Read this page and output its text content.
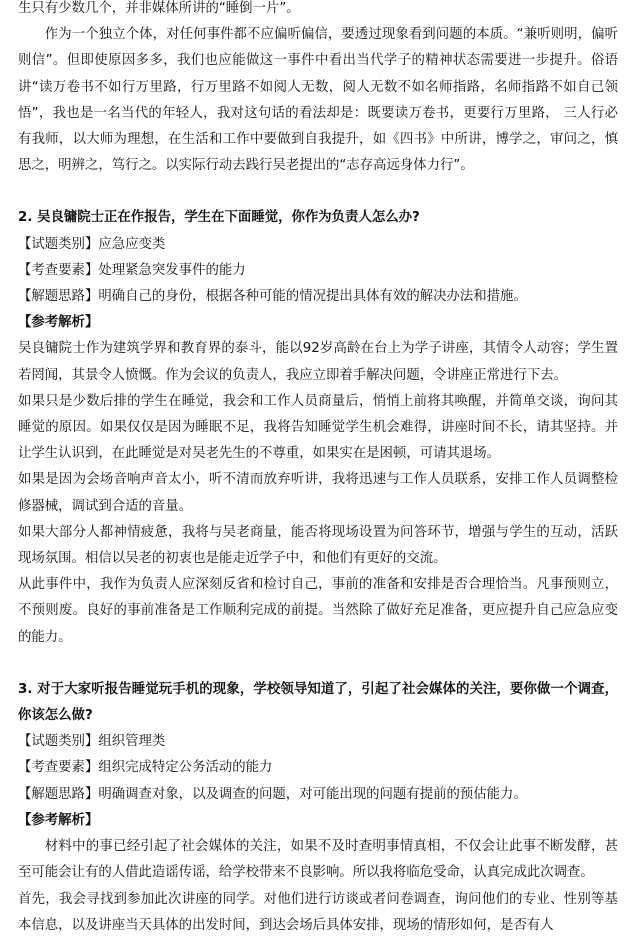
生只有少数几个，并非媒体所讲的“睡倒一片”。

作为一个独立个体，对任何事件都不应偏听偏信，要透过现象看到问题的本质。“兼听则明，偏听则信”。但即使原因多多，我们也应能做这一事件中看出当代学子的精神状态需要进一步提升。俗语讲“读万卷书不如行万里路，行万里路不如阅人无数，阅人无数不如名师指路，名师指路不如自己领悟”，我也是一名当代的年轻人，我对这句话的看法却是：既要读万卷书，更要行万里路， 三人行必有我师，以大师为理想，在生活和工作中要做到自我提升，如《四书》中所讲，博学之，审问之，慎思之，明辨之，笃行之。以实际行动去践行吴老提出的“志存高远身体力行”。

2. 吴良镛院士正在作报告，学生在下面睡觉，你作为负责人怎么办?

【试题类别】应急应变类

【考查要素】处理紧急突发事件的能力

【解题思路】明确自己的身份，根据各种可能的情况提出具体有效的解决办法和措施。

【参考解析】

吴良镛院士作为建筑学界和教育界的泰斗，能以92岁高龄在台上为学子讲座，其情令人动容；学生置若罔闻，其景令人愤慨。作为会议的负责人，我应立即着手解决问题，令讲座正常进行下去。

如果只是少数后排的学生在睡觉，我会和工作人员商量后，悄悄上前将其唤醒，并简单交谈，询问其睡觉的原因。如果仅仅是因为睡眠不足，我将告知睡觉学生机会难得，讲座时间不长，请其坚持。并让学生认识到，在此睡觉是对吴老先生的不尊重，如果实在是困顿，可请其退场。

如果是因为会场音响声音太小，听不清而放弃听讲，我将迅速与工作人员联系，安排工作人员调整检修器械，调试到合适的音量。

如果大部分人都神情疲惫，我将与吴老商量，能否将现场设置为问答环节，增强与学生的互动，活跃现场氛围。相信以吴老的初衷也是能走近学子中，和他们有更好的交流。

从此事件中，我作为负责人应深刻反省和检讨自己，事前的准备和安排是否合理恰当。凡事预则立，不预则废。良好的事前准备是工作顺利完成的前提。当然除了做好充足准备，更应提升自己应急应变的能力。

3. 对于大家听报告睡觉玩手机的现象，学校领导知道了，引起了社会媒体的关注，要你做一个调查，你该怎么做?

【试题类别】组织管理类

【考查要素】组织完成特定公务活动的能力

【解题思路】明确调查对象，以及调查的问题，对可能出现的问题有提前的预估能力。

【参考解析】

材料中的事已经引起了社会媒体的关注，如果不及时查明事情真相，不仅会让此事不断发酵，甚至可能会让有的人借此造谣传谣，给学校带来不良影响。所以我将临危受命，认真完成此次调查。

首先，我会寻找到参加此次讲座的同学。对他们进行访谈或者问卷调查，询问他们的专业、性别等基本信息，以及讲座当天具体的出发时间，到达会场后具体安排，现场的情形如何，是否有人
